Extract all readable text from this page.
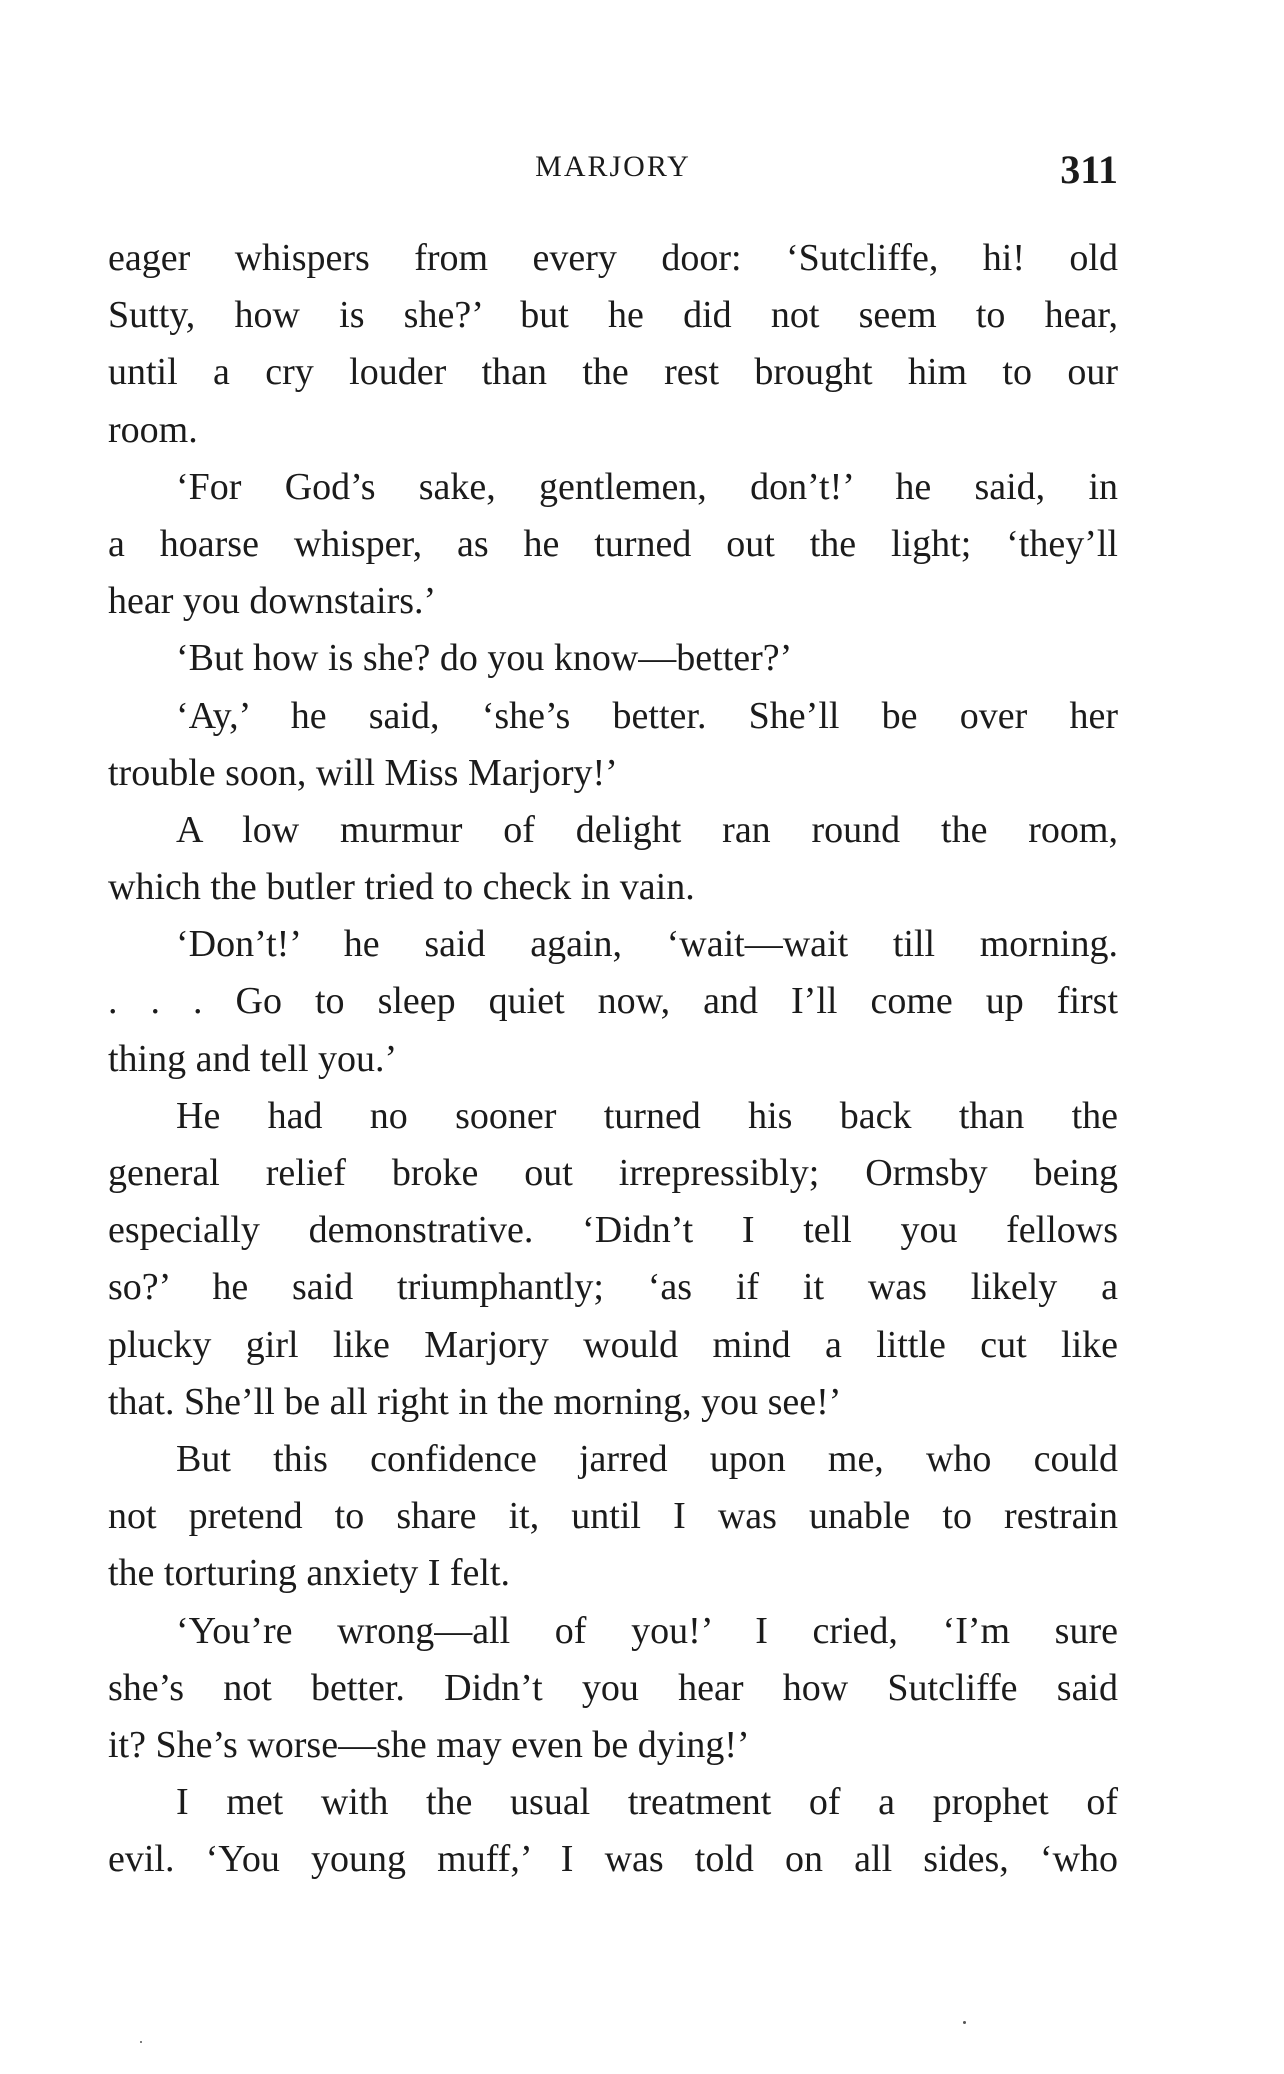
MARJORY	311
eager whispers from every door: ‘Sutcliffe, hi! old
Sutty, how is she?’ but he did not seem to hear,
until a cry louder than the rest brought him to our
room.
‘For God’s sake, gentlemen, don’t!’ he said, in
a hoarse whisper, as he turned out the light; ‘they’ll
hear you downstairs.’
‘But how is she? do you know—better?’
‘Ay,’ he said, ‘she’s better. She’ll be over her
trouble soon, will Miss Marjory!’
A low murmur of delight ran round the room,
which the butler tried to check in vain.
‘Don’t!’ he said again, ‘wait—wait till morning.
. . . Go to sleep quiet now, and I’ll come up first
thing and tell you.’
He had no sooner turned his back than the
general relief broke out irrepressibly; Ormsby being
especially demonstrative. ‘Didn’t I tell you fellows
so?’ he said triumphantly; ‘as if it was likely a
plucky girl like Marjory would mind a little cut like
that. She’ll be all right in the morning, you see!’
But this confidence jarred upon me, who could
not pretend to share it, until I was unable to restrain
the torturing anxiety I felt.
‘You’re wrong—all of you!’ I cried, ‘I’m sure
she’s not better. Didn’t you hear how Sutcliffe said
it? She’s worse—she may even be dying!’
I met with the usual treatment of a prophet of
evil. ‘You young muff,’ I was told on all sides, ‘who
